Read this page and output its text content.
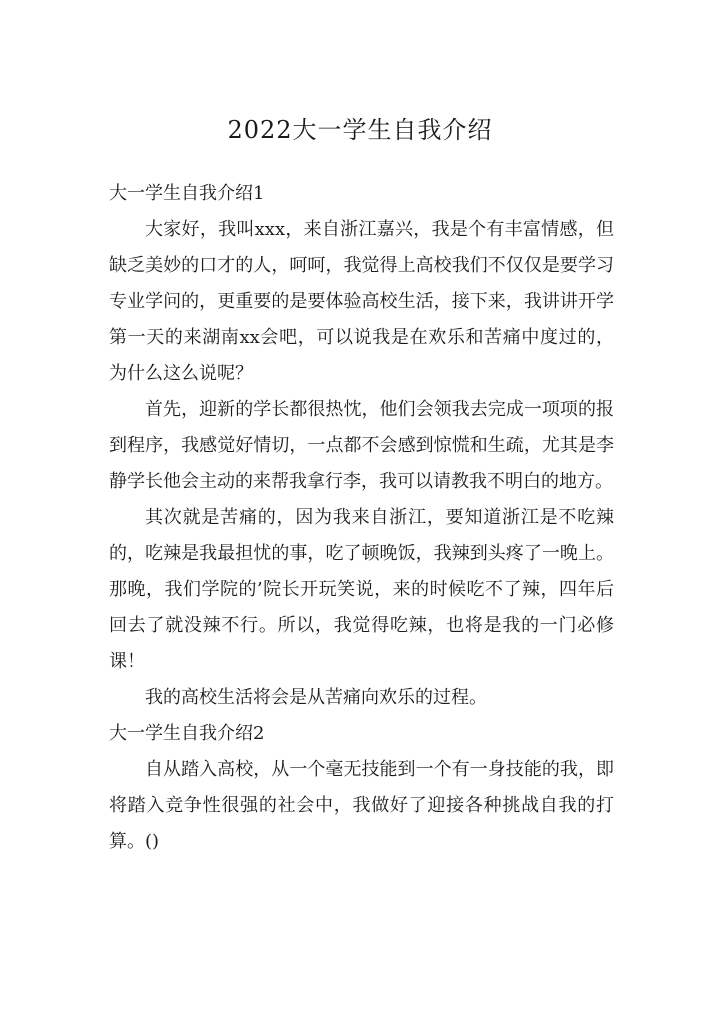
2022大一学生自我介绍

大一学生自我介绍1

大家好，我叫xxx，来自浙江嘉兴，我是个有丰富情感，但缺乏美妙的口才的人，呵呵，我觉得上高校我们不仅仅是要学习专业学问的，更重要的是要体验高校生活，接下来，我讲讲开学第一天的来湖南xx会吧，可以说我是在欢乐和苦痛中度过的，为什么这么说呢？

首先，迎新的学长都很热忱，他们会领我去完成一项项的报到程序，我感觉好情切，一点都不会感到惊慌和生疏，尤其是李静学长他会主动的来帮我拿行李，我可以请教我不明白的地方。

其次就是苦痛的，因为我来自浙江，要知道浙江是不吃辣的，吃辣是我最担忧的事，吃了顿晚饭，我辣到头疼了一晚上。那晚，我们学院的’院长开玩笑说，来的时候吃不了辣，四年后回去了就没辣不行。所以，我觉得吃辣，也将是我的一门必修课！

我的高校生活将会是从苦痛向欢乐的过程。

大一学生自我介绍2

自从踏入高校，从一个毫无技能到一个有一身技能的我，即将踏入竞争性很强的社会中，我做好了迎接各种挑战自我的打算。()
